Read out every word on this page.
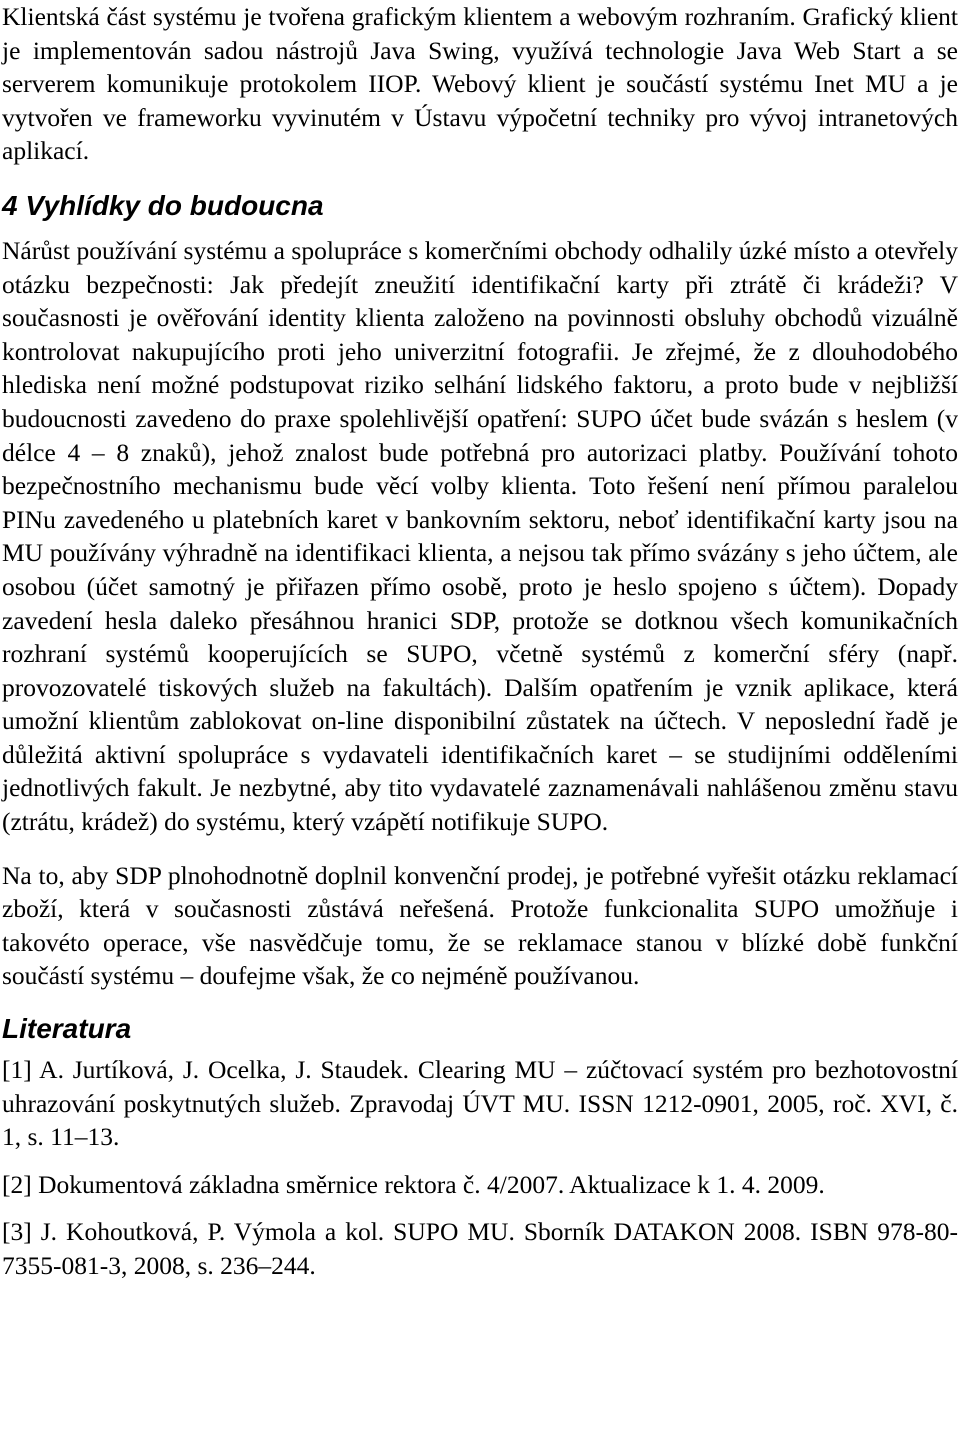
Klientská část systému je tvořena grafickým klientem a webovým rozhraním. Grafický klient je implementován sadou nástrojů Java Swing, využívá technologie Java Web Start a se serverem komunikuje protokolem IIOP. Webový klient je součástí systému Inet MU a je vytvořen ve frameworku vyvinutém v Ústavu výpočetní techniky pro vývoj intranetových aplikací.

4 Vyhlídky do budoucna

Nárůst používání systému a spolupráce s komerčními obchody odhalily úzké místo a otevřely otázku bezpečnosti: Jak předejít zneužití identifikační karty při ztrátě či krádeži? V současnosti je ověřování identity klienta založeno na povinnosti obsluhy obchodů vizuálně kontrolovat nakupujícího proti jeho univerzitní fotografii. Je zřejmé, že z dlouhodobého hlediska není možné podstupovat riziko selhání lidského faktoru, a proto bude v nejbližší budoucnosti zavedeno do praxe spolehlivější opatření: SUPO účet bude svázán s heslem (v délce 4 – 8 znaků), jehož znalost bude potřebná pro autorizaci platby. Používání tohoto bezpečnostního mechanismu bude věcí volby klienta. Toto řešení není přímou paralelou PINu zavedeného u platebních karet v bankovním sektoru, neboť identifikační karty jsou na MU používány výhradně na identifikaci klienta, a nejsou tak přímo svázány s jeho účtem, ale osobou (účet samotný je přiřazen přímo osobě, proto je heslo spojeno s účtem). Dopady zavedení hesla daleko přesáhnou hranici SDP, protože se dotknou všech komunikačních rozhraní systémů kooperujících se SUPO, včetně systémů z komerční sféry (např. provozovatelé tiskových služeb na fakultách). Dalším opatřením je vznik aplikace, která umožní klientům zablokovat on-line disponibilní zůstatek na účtech. V neposlední řadě je důležitá aktivní spolupráce s vydavateli identifikačních karet – se studijními odděleními jednotlivých fakult. Je nezbytné, aby tito vydavatelé zaznamenávali nahlášenou změnu stavu (ztrátu, krádež) do systému, který vzápětí notifikuje SUPO.

Na to, aby SDP plnohodnotně doplnil konvenční prodej, je potřebné vyřešit otázku reklamací zboží, která v současnosti zůstává neřešená. Protože funkcionalita SUPO umožňuje i takovéto operace, vše nasvědčuje tomu, že se reklamace stanou v blízké době funkční součástí systému – doufejme však, že co nejméně používanou.

Literatura

[1] A. Jurtíková, J. Ocelka, J. Staudek. Clearing MU – zúčtovací systém pro bezhotovostní uhrazování poskytnutých služeb. Zpravodaj ÚVT MU. ISSN 1212-0901, 2005, roč. XVI, č. 1, s. 11–13.

[2] Dokumentová základna směrnice rektora č. 4/2007. Aktualizace k 1. 4. 2009.

[3] J. Kohoutková, P. Výmola a kol. SUPO MU. Sborník DATAKON 2008. ISBN 978-80-7355-081-3, 2008, s. 236–244.
